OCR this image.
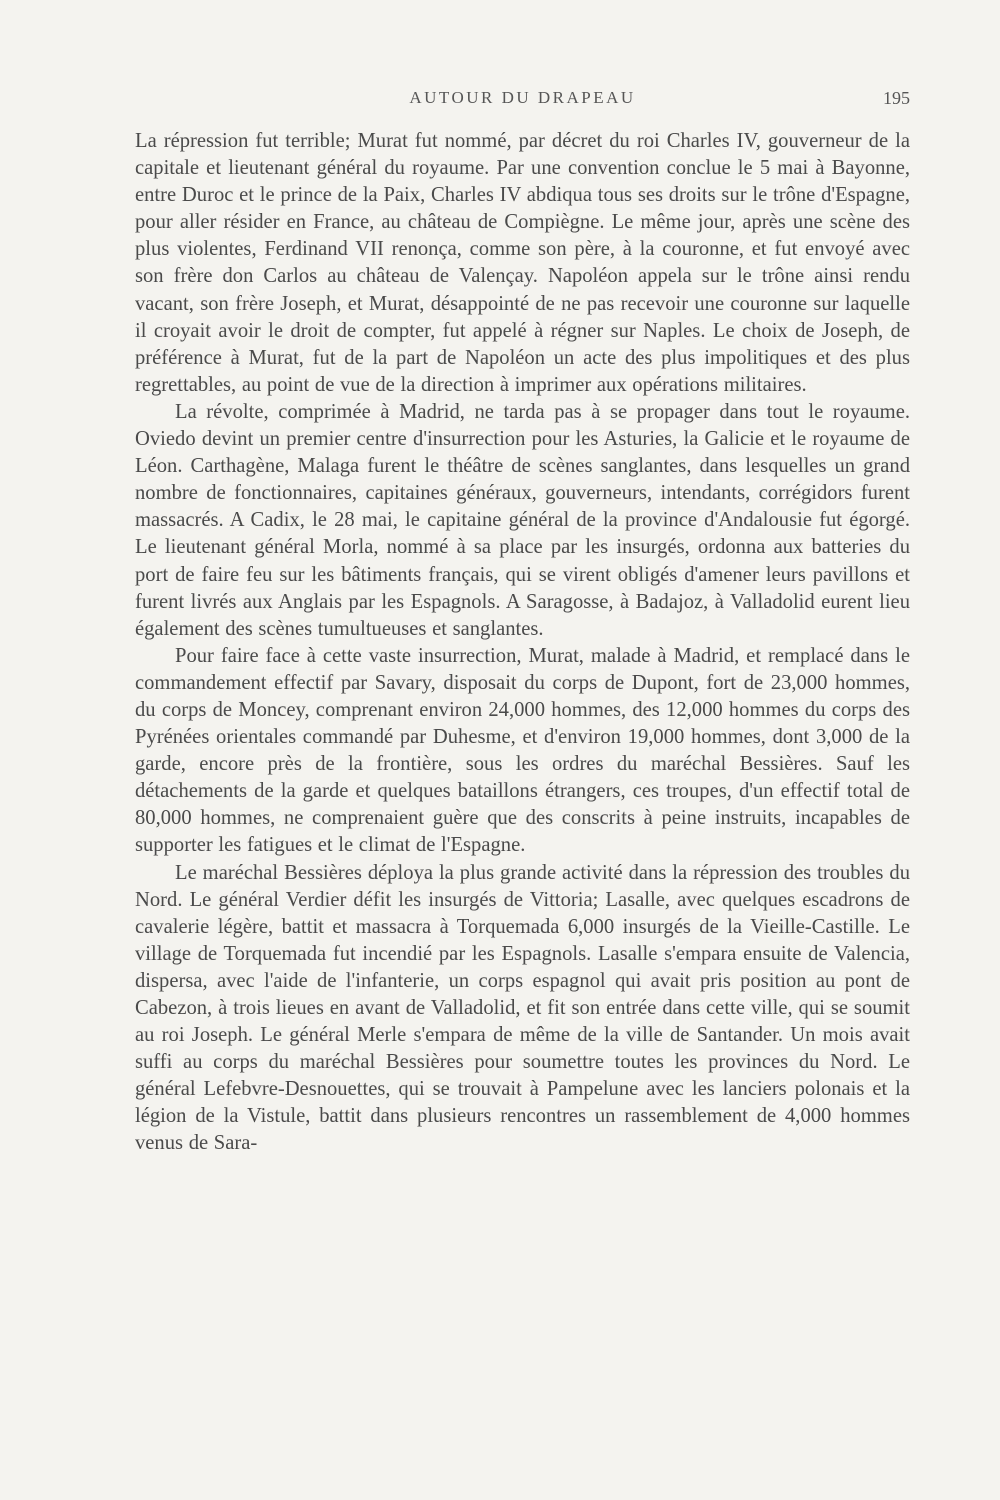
AUTOUR DU DRAPEAU	195

La répression fut terrible; Murat fut nommé, par décret du roi Charles IV, gouverneur de la capitale et lieutenant général du royaume. Par une convention conclue le 5 mai à Bayonne, entre Duroc et le prince de la Paix, Charles IV abdiqua tous ses droits sur le trône d'Espagne, pour aller résider en France, au château de Compiègne. Le même jour, après une scène des plus violentes, Ferdinand VII renonça, comme son père, à la couronne, et fut envoyé avec son frère don Carlos au château de Valençay. Napoléon appela sur le trône ainsi rendu vacant, son frère Joseph, et Murat, désappointé de ne pas recevoir une couronne sur laquelle il croyait avoir le droit de compter, fut appelé à régner sur Naples. Le choix de Joseph, de préférence à Murat, fut de la part de Napoléon un acte des plus impolitiques et des plus regrettables, au point de vue de la direction à imprimer aux opérations militaires.

La révolte, comprimée à Madrid, ne tarda pas à se propager dans tout le royaume. Oviedo devint un premier centre d'insurrection pour les Asturies, la Galicie et le royaume de Léon. Carthagène, Malaga furent le théâtre de scènes sanglantes, dans lesquelles un grand nombre de fonctionnaires, capitaines généraux, gouverneurs, intendants, corrégidors furent massacrés. A Cadix, le 28 mai, le capitaine général de la province d'Andalousie fut égorgé. Le lieutenant général Morla, nommé à sa place par les insurgés, ordonna aux batteries du port de faire feu sur les bâtiments français, qui se virent obligés d'amener leurs pavillons et furent livrés aux Anglais par les Espagnols. A Saragosse, à Badajoz, à Valladolid eurent lieu également des scènes tumultueuses et sanglantes.

Pour faire face à cette vaste insurrection, Murat, malade à Madrid, et remplacé dans le commandement effectif par Savary, disposait du corps de Dupont, fort de 23,000 hommes, du corps de Moncey, comprenant environ 24,000 hommes, des 12,000 hommes du corps des Pyrénées orientales commandé par Duhesme, et d'environ 19,000 hommes, dont 3,000 de la garde, encore près de la frontière, sous les ordres du maréchal Bessières. Sauf les détachements de la garde et quelques bataillons étrangers, ces troupes, d'un effectif total de 80,000 hommes, ne comprenaient guère que des conscrits à peine instruits, incapables de supporter les fatigues et le climat de l'Espagne.

Le maréchal Bessières déploya la plus grande activité dans la répression des troubles du Nord. Le général Verdier défit les insurgés de Vittoria; Lasalle, avec quelques escadrons de cavalerie légère, battit et massacra à Torquemada 6,000 insurgés de la Vieille-Castille. Le village de Torquemada fut incendié par les Espagnols. Lasalle s'empara ensuite de Valencia, dispersa, avec l'aide de l'infanterie, un corps espagnol qui avait pris position au pont de Cabezon, à trois lieues en avant de Valladolid, et fit son entrée dans cette ville, qui se soumit au roi Joseph. Le général Merle s'empara de même de la ville de Santander. Un mois avait suffi au corps du maréchal Bessières pour soumettre toutes les provinces du Nord. Le général Lefebvre-Desnouettes, qui se trouvait à Pampelune avec les lanciers polonais et la légion de la Vistule, battit dans plusieurs rencontres un rassemblement de 4,000 hommes venus de Sara-
